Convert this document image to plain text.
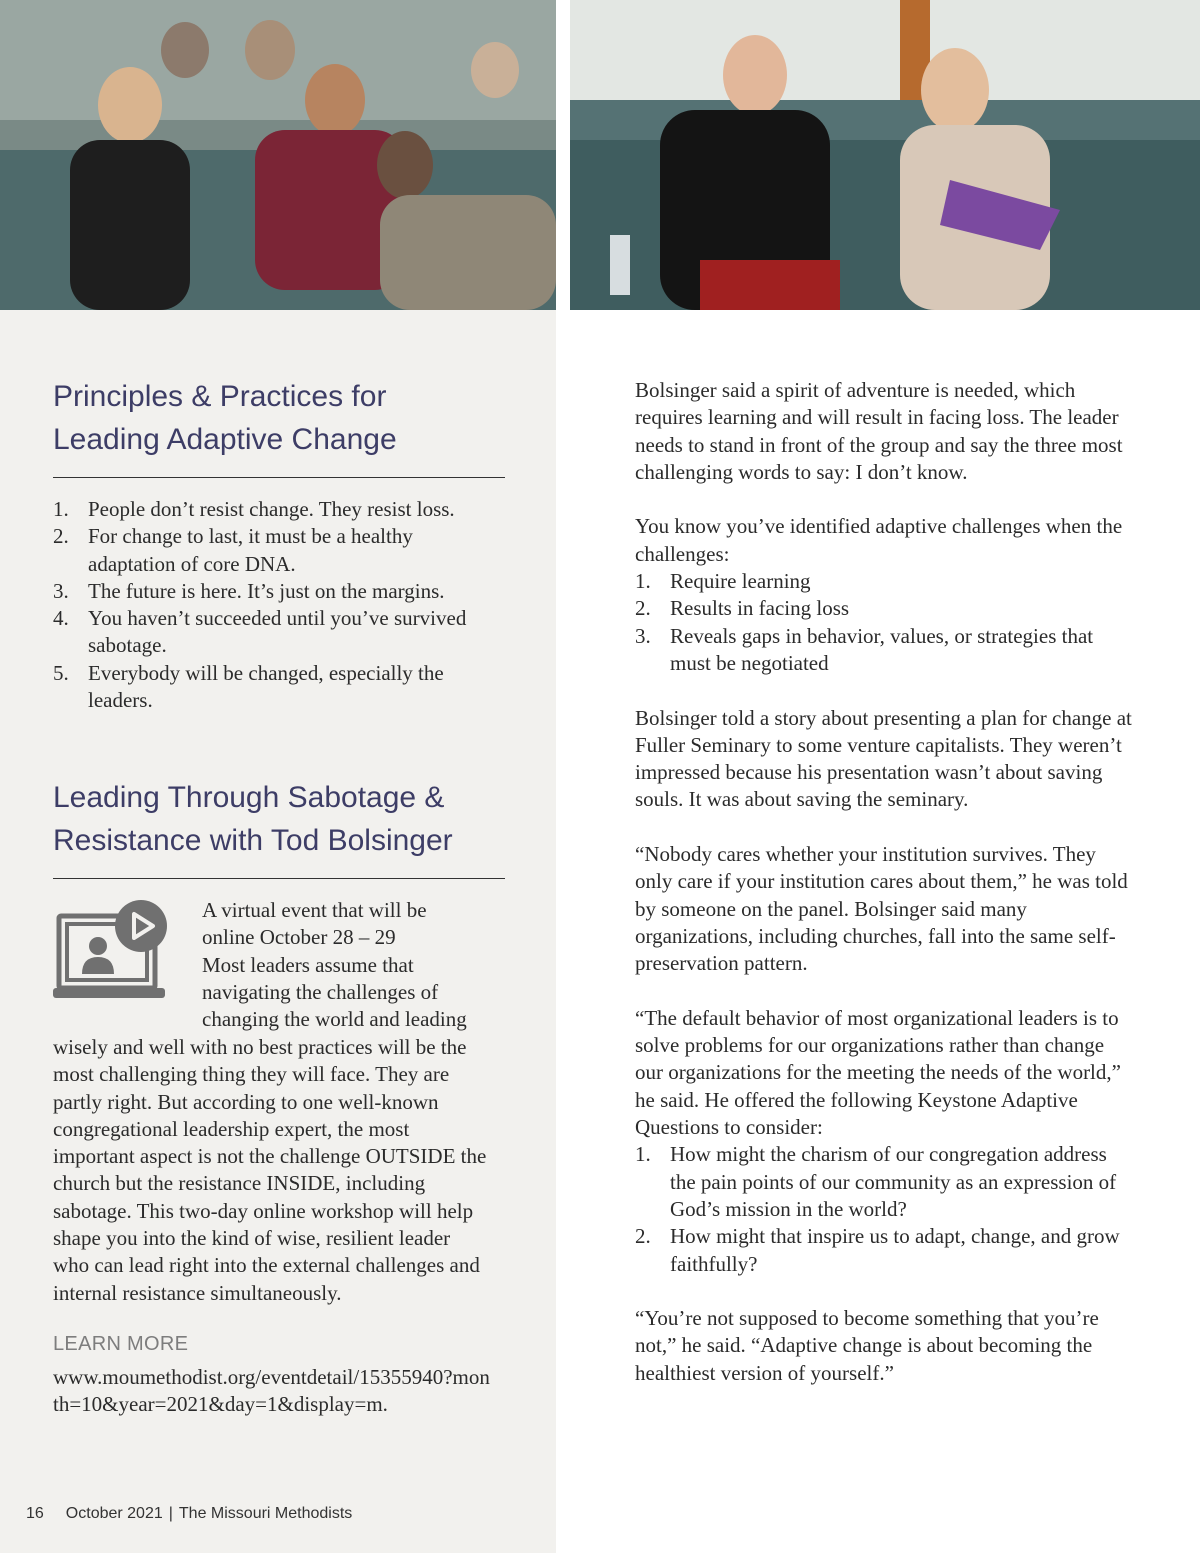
Principles & Practices for
Leading Adaptive Change
1. People don’t resist change. They resist loss.
2. For change to last, it must be a healthy adaptation of core DNA.
3. The future is here. It’s just on the margins.
4. You haven’t succeeded until you’ve survived sabotage.
5. Everybody will be changed, especially the leaders.
Leading Through Sabotage &
Resistance with Tod Bolsinger

A virtual event that will be

online October 28 – 29

Most leaders assume that

navigating the challenges of

changing the world and leading

wisely and well with no best practices will be the most challenging thing they will face. They are partly right. But according to one well-known congregational leadership expert, the most important aspect is not the challenge OUTSIDE the church but the resistance INSIDE, including sabotage. This two-day online workshop will help shape you into the kind of wise, resilient leader who can lead right into the external challenges and internal resistance simultaneously.

LEARN MORE
www.moumethodist.org/eventdetail/15355940?month=10&year=2021&day=1&display=m.

Bolsinger said a spirit of adventure is needed, which requires learning and will result in facing loss. The leader needs to stand in front of the group and say the three most challenging words to say: I don’t know.

You know you’ve identified adaptive challenges when the challenges:

1. Require learning
2. Results in facing loss
3. Reveals gaps in behavior, values, or strategies that must be negotiated

Bolsinger told a story about presenting a plan for change at Fuller Seminary to some venture capitalists. They weren’t impressed because his presentation wasn’t about saving souls. It was about saving the seminary.

“Nobody cares whether your institution survives. They only care if your institution cares about them,” he was told by someone on the panel. Bolsinger said many organizations, including churches, fall into the same self-preservation pattern.

“The default behavior of most organizational leaders is to solve problems for our organizations rather than change our organizations for the meeting the needs of the world,” he said. He offered the following Keystone Adaptive Questions to consider:

1. How might the charism of our congregation address the pain points of our community as an expression of God’s mission in the world?
2. How might that inspire us to adapt, change, and grow faithfully?

“You’re not supposed to become something that you’re not,” he said. “Adaptive change is about becoming the healthiest version of yourself.”

16 October 2021 | The Missouri Methodists
